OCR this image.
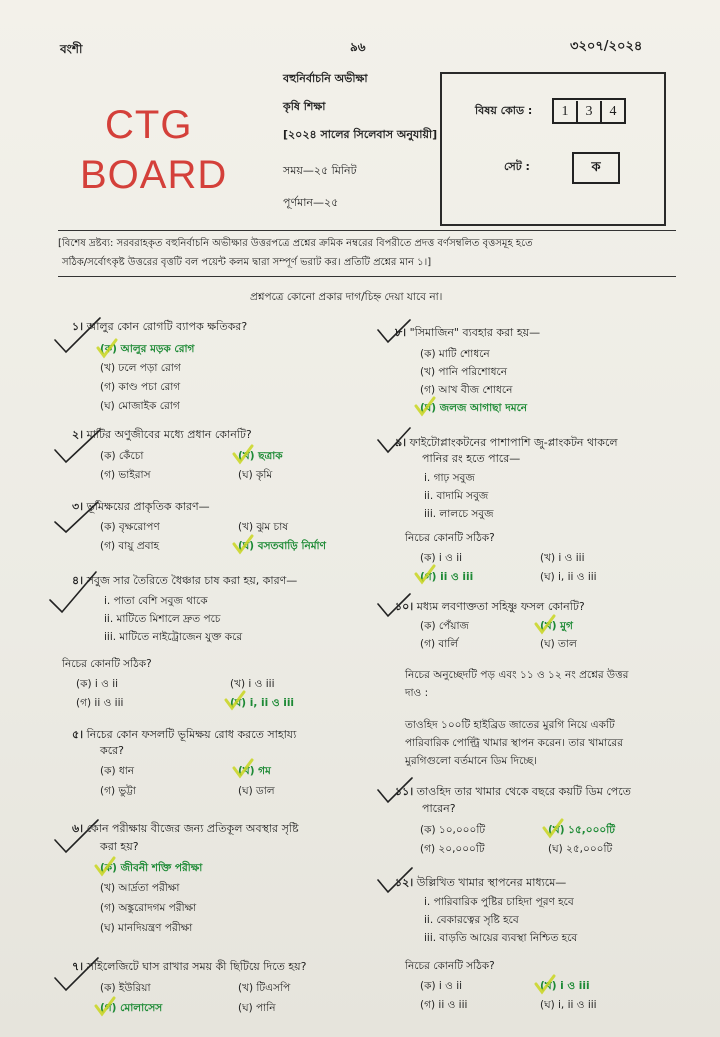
বংশী	৯৬	৩২০৭/২০২৪
CTG
BOARD
বহুনির্বাচনি অভীক্ষা
কৃষি শিক্ষা
[২০২৪ সালের সিলেবাস অনুযায়ী]
সময়—২৫ মিনিট
পূর্ণমান—২৫
বিষয় কোড :	1 3 4
সেট :	ক
[বিশেষ দ্রষ্টব্য: সরবরাহকৃত বহুনির্বাচনি অভীক্ষার উত্তরপত্রে প্রশ্নের ক্রমিক নম্বরের বিপরীতে প্রদত্ত বর্ণসম্বলিত বৃত্তসমূহ হতে
সঠিক/সর্বোৎকৃষ্ট উত্তরের বৃত্তটি বল পয়েন্ট কলম দ্বারা সম্পূর্ণ ভরাট কর। প্রতিটি প্রশ্নের মান ১।]
প্রশ্নপত্রে কোনো প্রকার দাগ/চিহ্ন দেয়া যাবে না।
১। আলুর কোন রোগটি ব্যাপক ক্ষতিকর?
(ক) আলুর মড়ক রোগ
(খ) ঢলে পড়া রোগ
(গ) কাণ্ড পচা রোগ
(ঘ) মোজাইক রোগ
২। মাটির অণুজীবের মধ্যে প্রধান কোনটি?
(ক) কেঁচো	(খ) ছত্রাক
(গ) ভাইরাস	(ঘ) কৃমি
৩। ভূমিক্ষয়ের প্রাকৃতিক কারণ—
(ক) বৃক্ষরোপণ	(খ) ঝুম চাষ
(গ) বায়ু প্রবাহ	(ঘ) বসতবাড়ি নির্মাণ
৪। সবুজ সার তৈরিতে ধৈঞ্চার চাষ করা হয়, কারণ—
i. পাতা বেশি সবুজ থাকে
ii. মাটিতে মিশালে দ্রুত পচে
iii. মাটিতে নাইট্রোজেন যুক্ত করে
নিচের কোনটি সঠিক?
(ক) i ও ii	(খ) i ও iii
(গ) ii ও iii	(ঘ) i, ii ও iii
৫। নিচের কোন ফসলটি ভূমিক্ষয় রোধ করতে সাহায্য
করে?
(ক) ধান	(খ) গম
(গ) ভুট্টা	(ঘ) ডাল
৬। কোন পরীক্ষায় বীজের জন্য প্রতিকূল অবস্থার সৃষ্টি
করা হয়?
(ক) জীবনী শক্তি পরীক্ষা
(খ) আর্দ্রতা পরীক্ষা
(গ) অঙ্কুরোদগম পরীক্ষা
(ঘ) মানদিয়ন্ত্রণ পরীক্ষা
৭। সাইলেজিটে ঘাস রাখার সময় কী ছিটিয়ে দিতে হয়?
(ক) ইউরিয়া	(খ) টিএসপি
(গ) মোলাসেস	(ঘ) পানি
৮। "সিমাজিন" ব্যবহার করা হয়—
(ক) মাটি শোধনে
(খ) পানি পরিশোধনে
(গ) আখ বীজ শোধনে
(ঘ) জলজ আগাছা দমনে
৯। ফাইটোপ্লাংকটনের পাশাপাশি জু-প্লাংকটন থাকলে
পানির রং হতে পারে—
i. গাঢ় সবুজ
ii. বাদামি সবুজ
iii. লালচে সবুজ
নিচের কোনটি সঠিক?
(ক) i ও ii	(খ) i ও iii
(গ) ii ও iii	(ঘ) i, ii ও iii
১০। মধ্যম লবণাক্ততা সহিষ্ণু ফসল কোনটি?
(ক) পেঁয়াজ	(খ) মুগ
(গ) বার্লি	(ঘ) তাল
নিচের অনুচ্ছেদটি পড় এবং ১১ ও ১২ নং প্রশ্নের উত্তর
দাও :
তাওহিদ ১০০টি হাইব্রিড জাতের মুরগি নিয়ে একটি
পারিবারিক পোল্ট্রি খামার স্থাপন করেন। তার খামারের
মুরগিগুলো বর্তমানে ডিম দিচ্ছে।
১১। তাওহিদ তার খামার থেকে বছরে কয়টি ডিম পেতে
পারেন?
(ক) ১০,০০০টি	(খ) ১৫,০০০টি
(গ) ২০,০০০টি	(ঘ) ২৫,০০০টি
১২। উল্লিখিত খামার স্থাপনের মাধ্যমে—
i. পারিবারিক পুষ্টির চাহিদা পূরণ হবে
ii. বেকারত্বের সৃষ্টি হবে
iii. বাড়তি আয়ের ব্যবস্থা নিশ্চিত হবে
নিচের কোনটি সঠিক?
(ক) i ও ii	(খ) i ও iii
(গ) ii ও iii	(ঘ) i, ii ও iii
